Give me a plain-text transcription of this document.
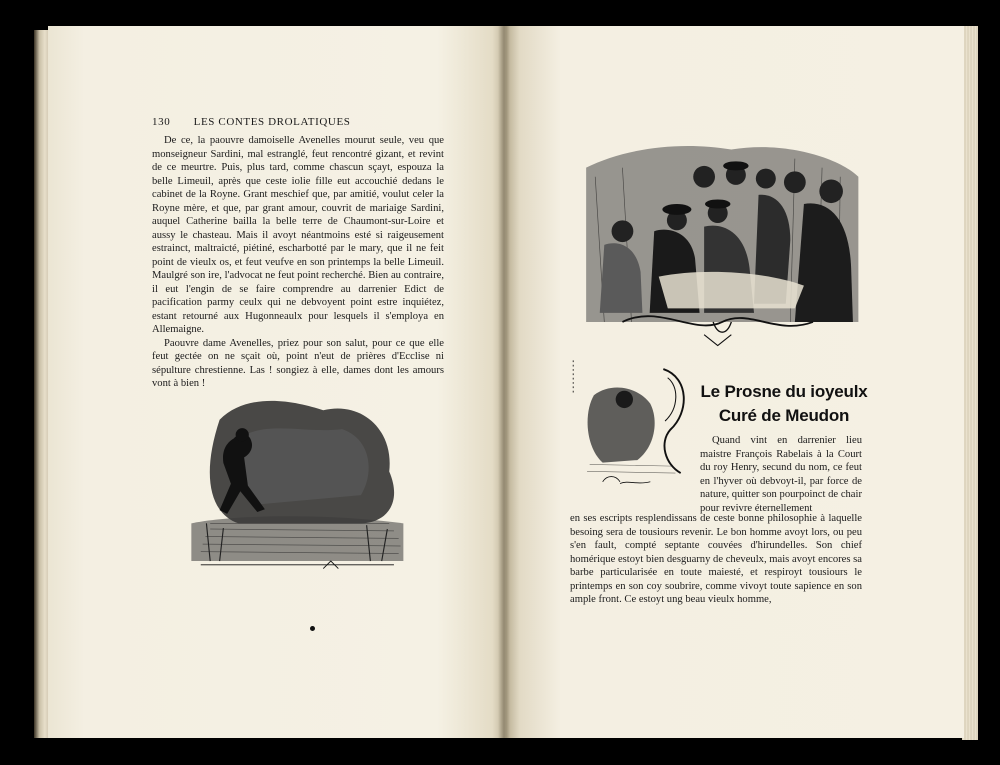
130 LES CONTES DROLATIQUES

De ce, la paouvre damoiselle Avenelles mourut seule, veu que monseigneur Sardini, mal estranglé, feut rencontré gizant, et revint de ce meurtre. Puis, plus tard, comme chascun sçayt, espouza la belle Limeuil, après que ceste iolie fille eut accouchié dedans le cabinet de la Royne. Grant meschief que, par amitié, voulut celer la Royne mère, et que, par grant amour, couvrit de mariaige Sardini, auquel Catherine bailla la belle terre de Chaumont-sur-Loire et aussy le chasteau. Mais il avoyt néantmoins esté si raigeusement estrainct, maltraicté, piétiné, escharbotté par le mary, que il ne feit point de vieulx os, et feut veufve en son printemps la belle Limeuil. Maulgré son ire, l'advocat ne feut point recherché. Bien au contraire, il eut l'engin de se faire comprendre au darrenier Edict de pacification parmy ceulx qui ne debvoyent point estre inquiétez, estant retourné aux Hugonneaulx pour lesquels il s'employa en Allemaigne.

Paouvre dame Avenelles, priez pour son salut, pour ce que elle feut gectée on ne sçait où, point n'eut de prières d'Ecclise ni sépulture chrestienne. Las ! songiez à elle, dames dont les amours vont à bien !	Le Prosne du ioyeulx
Curé de Meudon

Quand vint en darrenier lieu maistre François Rabelais à la Court du roy Henry, secund du nom, ce feut en l'hyver où debvoyt-il, par force de nature, quitter son pourpoinct de chair pour revivre éternellement

en ses escripts resplendissans de ceste bonne philosophie à laquelle besoing sera de tousiours revenir. Le bon homme avoyt lors, ou peu s'en fault, compté septante couvées d'hirundelles. Son chief homérique estoyt bien desguarny de cheveulx, mais avoyt encores sa barbe particularisée en toute maiesté, et respiroyt tousiours le printemps en son coy soubrire, comme vivoyt toute sapience en son ample front. Ce estoyt ung beau vieulx homme,
